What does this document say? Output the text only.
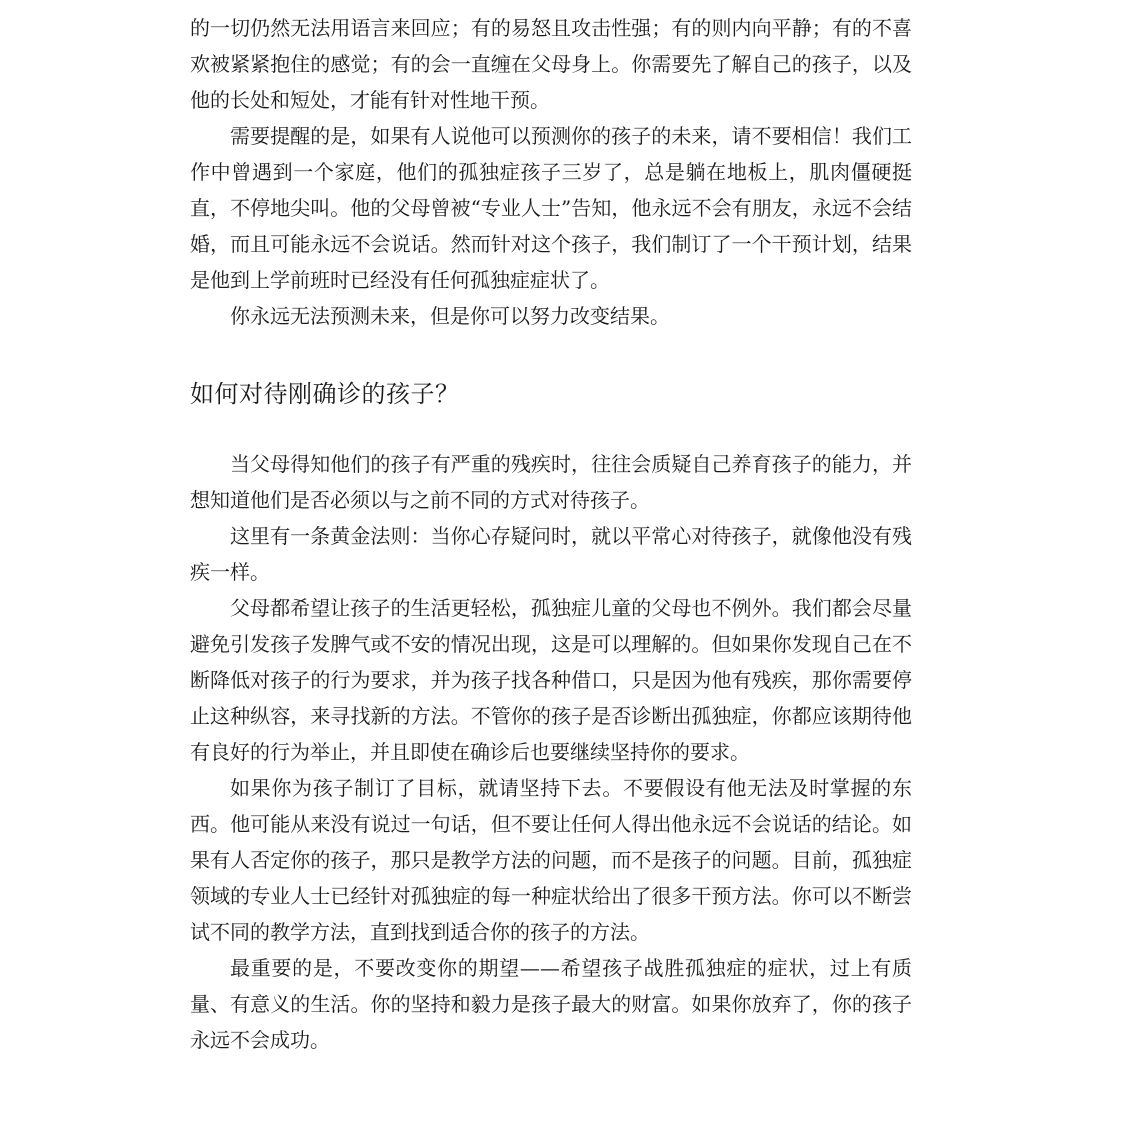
的一切仍然无法用语言来回应；有的易怒且攻击性强；有的则内向平静；有的不喜欢被紧紧抱住的感觉；有的会一直缠在父母身上。你需要先了解自己的孩子，以及他的长处和短处，才能有针对性地干预。

需要提醒的是，如果有人说他可以预测你的孩子的未来，请不要相信！我们工作中曾遇到一个家庭，他们的孤独症孩子三岁了，总是躺在地板上，肌肉僵硬挺直，不停地尖叫。他的父母曾被“专业人士”告知，他永远不会有朋友，永远不会结婚，而且可能永远不会说话。然而针对这个孩子，我们制订了一个干预计划，结果是他到上学前班时已经没有任何孤独症症状了。

你永远无法预测未来，但是你可以努力改变结果。

如何对待刚确诊的孩子？

当父母得知他们的孩子有严重的残疾时，往往会质疑自己养育孩子的能力，并想知道他们是否必须以与之前不同的方式对待孩子。

这里有一条黄金法则：当你心存疑问时，就以平常心对待孩子，就像他没有残疾一样。

父母都希望让孩子的生活更轻松，孤独症儿童的父母也不例外。我们都会尽量避免引发孩子发脾气或不安的情况出现，这是可以理解的。但如果你发现自己在不断降低对孩子的行为要求，并为孩子找各种借口，只是因为他有残疾，那你需要停止这种纵容，来寻找新的方法。不管你的孩子是否诊断出孤独症，你都应该期待他有良好的行为举止，并且即使在确诊后也要继续坚持你的要求。

如果你为孩子制订了目标，就请坚持下去。不要假设有他无法及时掌握的东西。他可能从来没有说过一句话，但不要让任何人得出他永远不会说话的结论。如果有人否定你的孩子，那只是教学方法的问题，而不是孩子的问题。目前，孤独症领域的专业人士已经针对孤独症的每一种症状给出了很多干预方法。你可以不断尝试不同的教学方法，直到找到适合你的孩子的方法。

最重要的是，不要改变你的期望——希望孩子战胜孤独症的症状，过上有质量、有意义的生活。你的坚持和毅力是孩子最大的财富。如果你放弃了，你的孩子永远不会成功。
